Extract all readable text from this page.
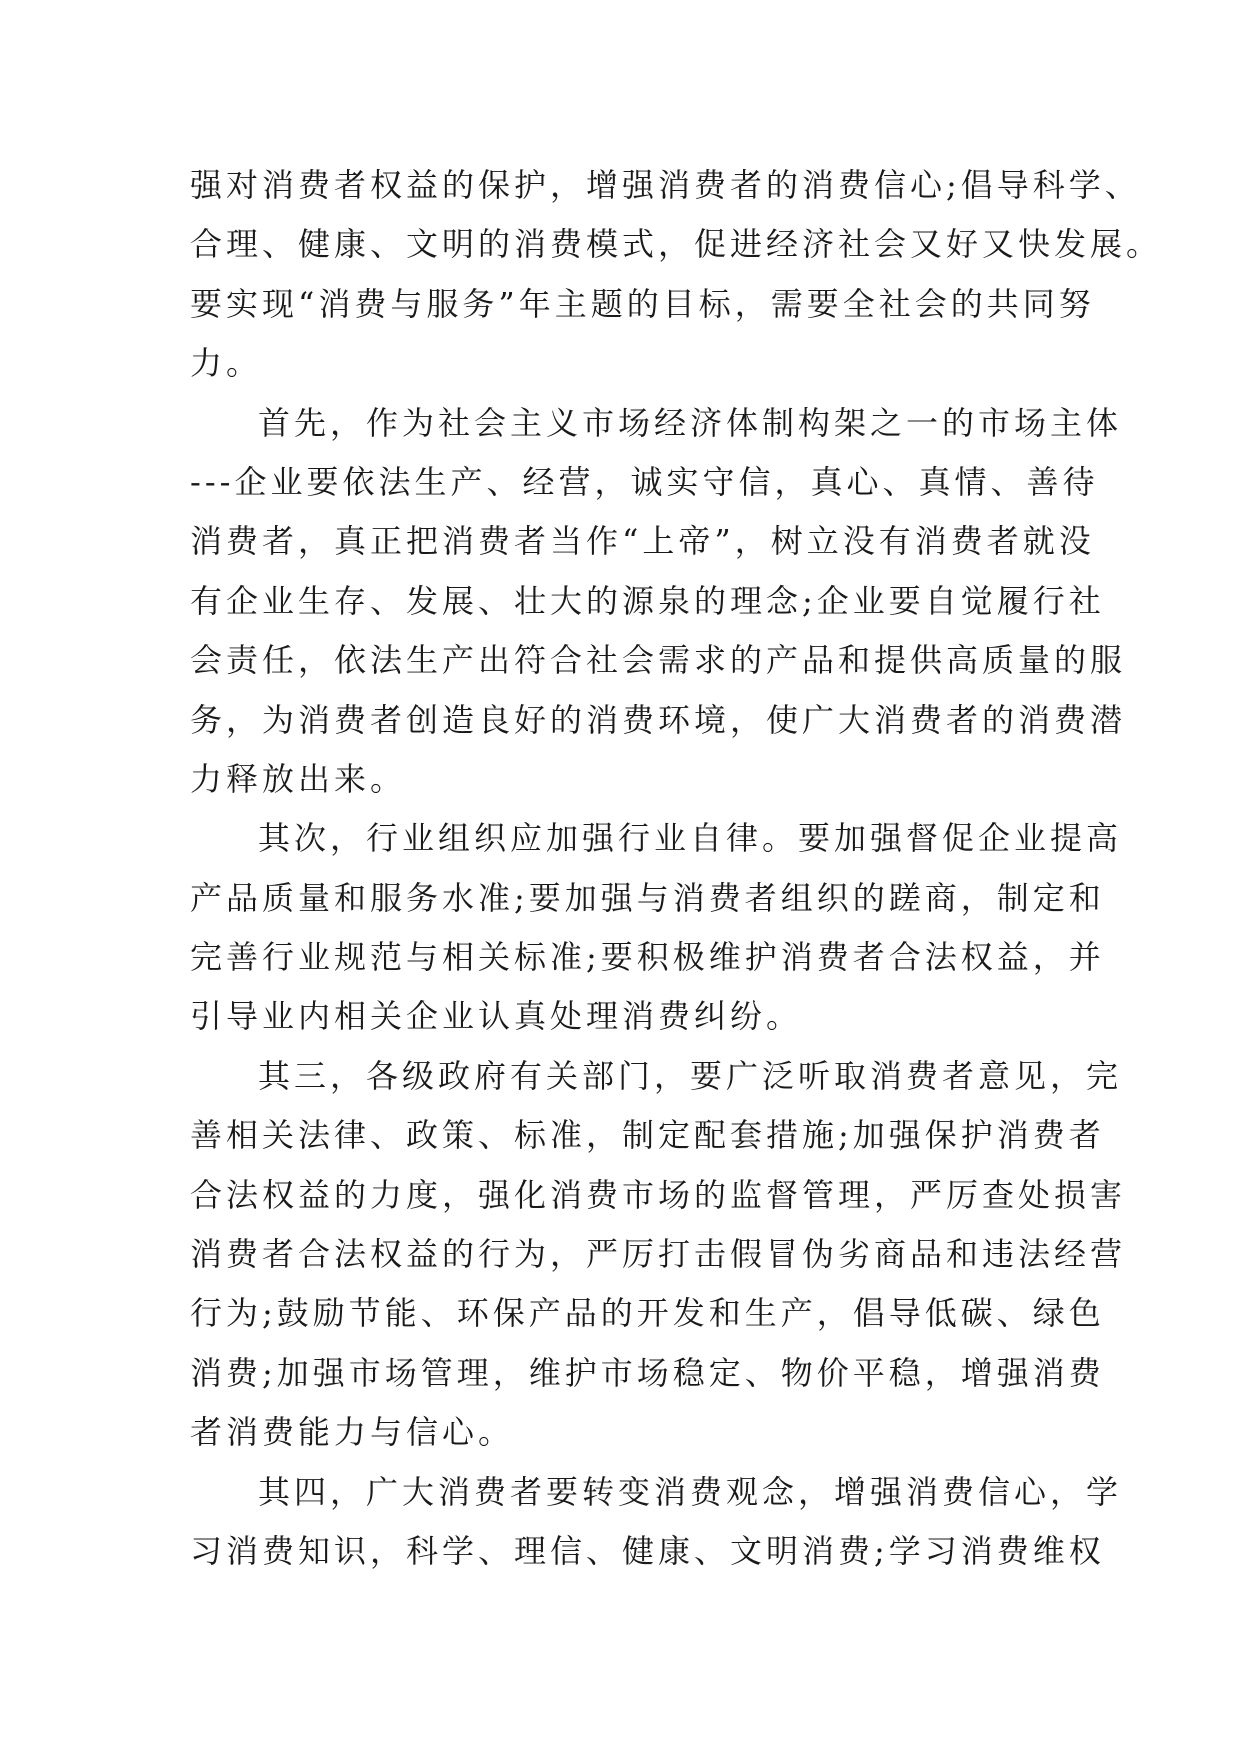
强对消费者权益的保护，增强消费者的消费信心;倡导科学、
合理、健康、文明的消费模式，促进经济社会又好又快发展。
要实现“消费与服务”年主题的目标，需要全社会的共同努
力。
首先，作为社会主义市场经济体制构架之一的市场主体
---企业要依法生产、经营，诚实守信，真心、真情、善待
消费者，真正把消费者当作“上帝”，树立没有消费者就没
有企业生存、发展、壮大的源泉的理念;企业要自觉履行社
会责任，依法生产出符合社会需求的产品和提供高质量的服
务，为消费者创造良好的消费环境，使广大消费者的消费潜
力释放出来。
其次，行业组织应加强行业自律。要加强督促企业提高
产品质量和服务水准;要加强与消费者组织的蹉商，制定和
完善行业规范与相关标准;要积极维护消费者合法权益，并
引导业内相关企业认真处理消费纠纷。
其三，各级政府有关部门，要广泛听取消费者意见，完
善相关法律、政策、标准，制定配套措施;加强保护消费者
合法权益的力度，强化消费市场的监督管理，严厉查处损害
消费者合法权益的行为，严厉打击假冒伪劣商品和违法经营
行为;鼓励节能、环保产品的开发和生产，倡导低碳、绿色
消费;加强市场管理，维护市场稳定、物价平稳，增强消费
者消费能力与信心。
其四，广大消费者要转变消费观念，增强消费信心，学
习消费知识，科学、理信、健康、文明消费;学习消费维权
